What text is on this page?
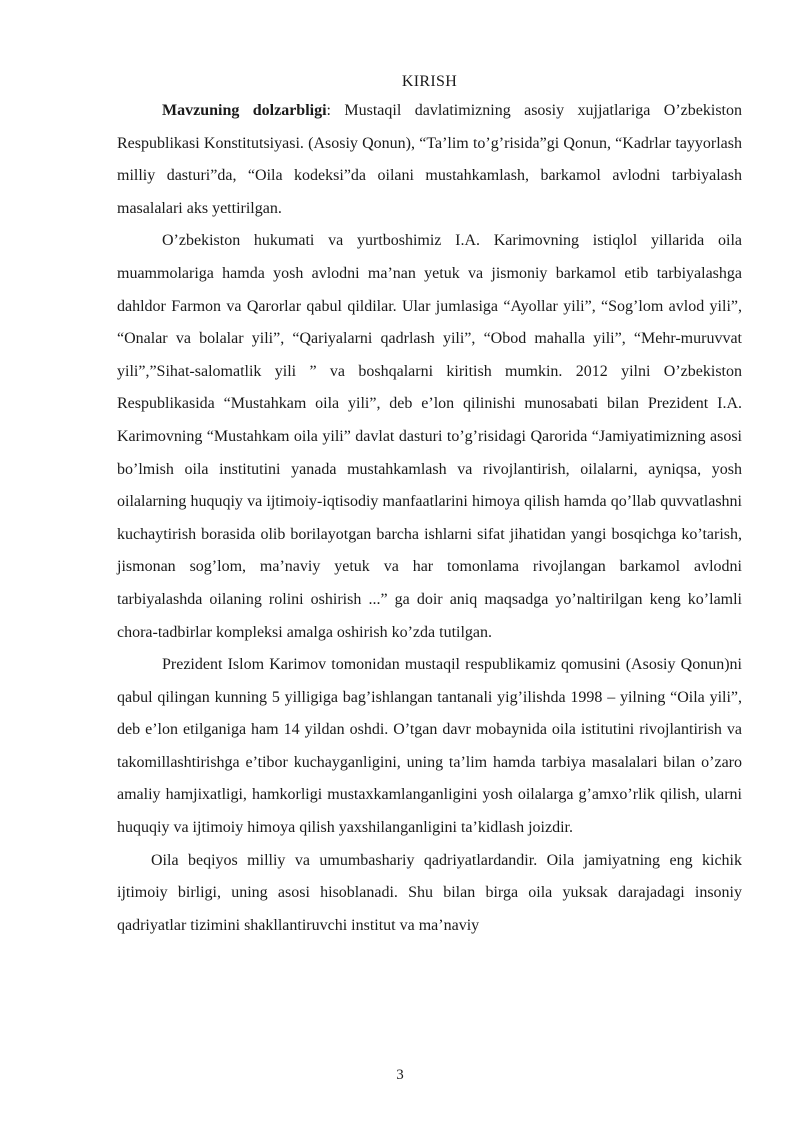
KIRISH

Mavzuning dolzarbligi: Mustaqil davlatimizning asosiy xujjatlariga O’zbekiston Respublikasi Konstitutsiyasi. (Asosiy Qonun), “Ta’lim to’g’risida”gi Qonun, “Kadrlar tayyorlash milliy dasturi”da, “Oila kodeksi”da oilani mustahkamlash, barkamol avlodni tarbiyalash masalalari aks yettirilgan.

O’zbekiston hukumati va yurtboshimiz I.A. Karimovning istiqlol yillarida oila muammolariga hamda yosh avlodni ma’nan yetuk va jismoniy barkamol etib tarbiyalashga dahldor Farmon va Qarorlar qabul qildilar. Ular jumlasiga “Ayollar yili”, “Sog’lom avlod yili”, “Onalar va bolalar yili”, “Qariyalarni qadrlash yili”, “Obod mahalla yili”, “Mehr-muruvvat yili”,”Sihat-salomatlik yili ” va boshqalarni kiritish mumkin. 2012 yilni O’zbekiston Respublikasida “Mustahkam oila yili”, deb e’lon qilinishi munosabati bilan Prezident I.A. Karimovning “Mustahkam oila yili” davlat dasturi to’g’risidagi Qarorida “Jamiyatimizning asosi bo’lmish oila institutini yanada mustahkamlash va rivojlantirish, oilalarni, ayniqsa, yosh oilalarning huquqiy va ijtimoiy-iqtisodiy manfaatlarini himoya qilish hamda qo’llab quvvatlashni kuchaytirish borasida olib borilayotgan barcha ishlarni sifat jihatidan yangi bosqichga ko’tarish, jismonan sog’lom, ma’naviy yetuk va har tomonlama rivojlangan barkamol avlodni tarbiyalashda oilaning rolini oshirish ...” ga doir aniq maqsadga yo’naltirilgan keng ko’lamli chora-tadbirlar kompleksi amalga oshirish ko’zda tutilgan.

Prezident Islom Karimov tomonidan mustaqil respublikamiz qomusini (Asosiy Qonun)ni qabul qilingan kunning 5 yilligiga bag’ishlangan tantanali yig’ilishda 1998 – yilning “Oila yili”, deb e’lon etilganiga ham 14 yildan oshdi. O’tgan davr mobaynida oila istitutini rivojlantirish va takomillashtirishga e’tibor kuchayganligini, uning ta’lim hamda tarbiya masalalari bilan o’zaro amaliy hamjixatligi, hamkorligi mustaxkamlanganligini yosh oilalarga g’amxo’rlik qilish, ularni huquqiy va ijtimoiy himoya qilish yaxshilanganligini ta’kidlash joizdir.

Oila beqiyos milliy va umumbashariy qadriyatlardandir. Oila jamiyatning eng kichik ijtimoiy birligi, uning asosi hisoblanadi. Shu bilan birga oila yuksak darajadagi insoniy qadriyatlar tizimini shakllantiruvchi institut va ma’naviy

3
